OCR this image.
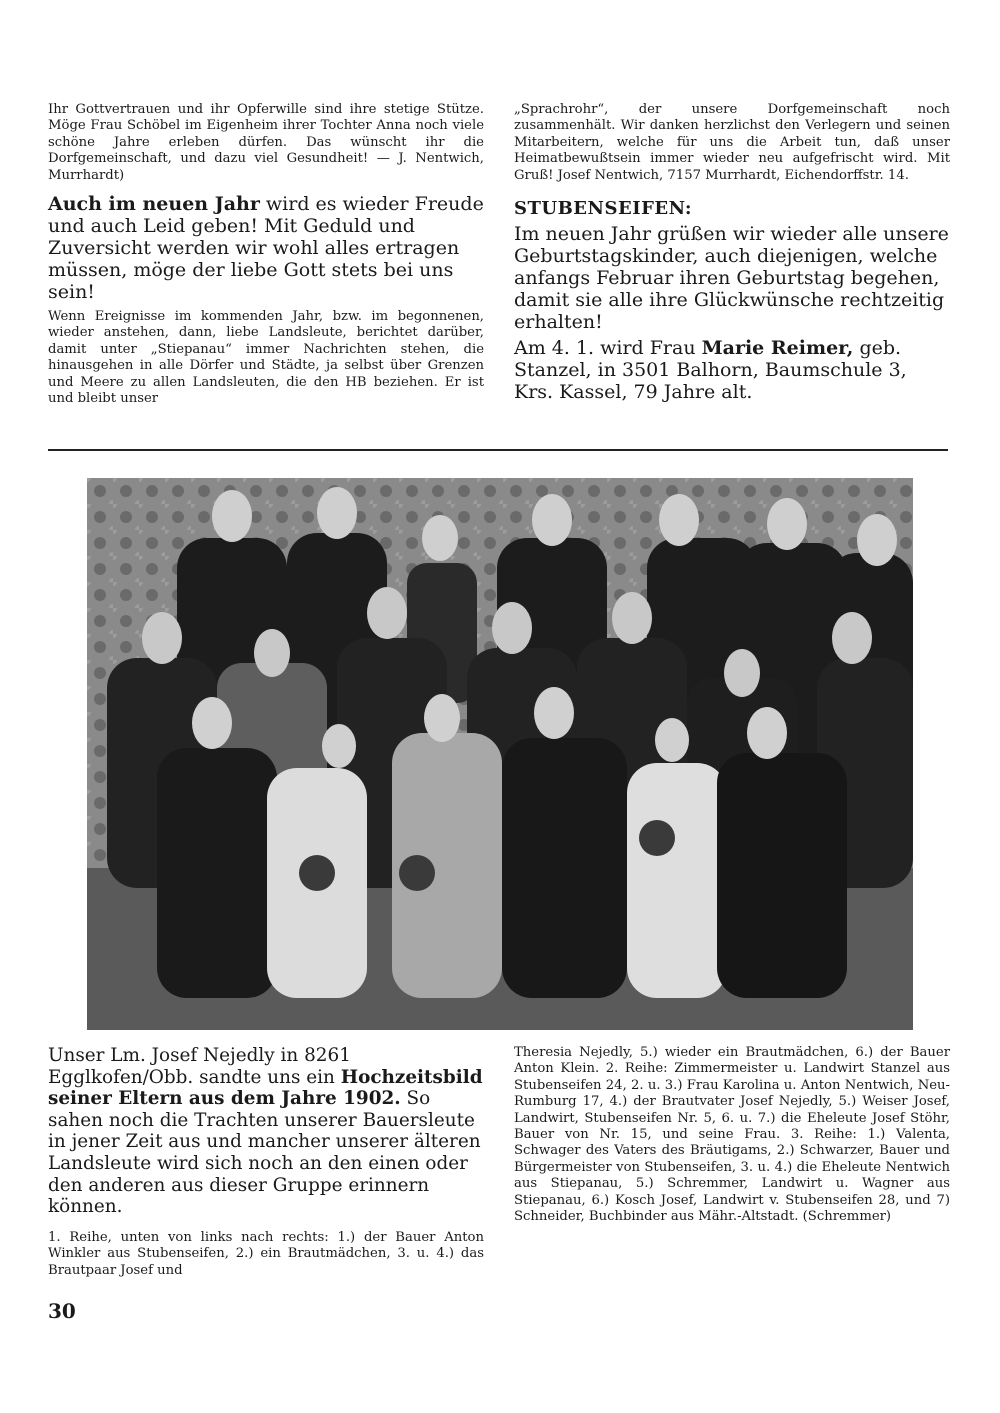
Ihr Gottvertrauen und ihr Opferwille sind ihre stetige Stütze. Möge Frau Schöbel im Eigenheim ihrer Tochter Anna noch viele schöne Jahre erleben dürfen. Das wünscht ihr die Dorfgemeinschaft, und dazu viel Gesundheit! — J. Nentwich, Murrhardt)

Auch im neuen Jahr wird es wieder Freude und auch Leid geben! Mit Geduld und Zuversicht werden wir wohl alles ertragen müssen, möge der liebe Gott stets bei uns sein!

Wenn Ereignisse im kommenden Jahr, bzw. im begonnenen, wieder anstehen, dann, liebe Landsleute, berichtet darüber, damit unter „Stiepanau“ immer Nachrichten stehen, die hinausgehen in alle Dörfer und Städte, ja selbst über Grenzen und Meere zu allen Landsleuten, die den HB beziehen. Er ist und bleibt unser

„Sprachrohr“, der unsere Dorfgemeinschaft noch zusammenhält. Wir danken herzlichst den Verlegern und seinen Mitarbeitern, welche für uns die Arbeit tun, daß unser Heimatbewußtsein immer wieder neu aufgefrischt wird. Mit Gruß! Josef Nentwich, 7157 Murrhardt, Eichendorffstr. 14.

STUBENSEIFEN:

Im neuen Jahr grüßen wir wieder alle unsere Geburtstagskinder, auch diejenigen, welche anfangs Februar ihren Geburtstag begehen, damit sie alle ihre Glückwünsche rechtzeitig erhalten!

Am 4. 1. wird Frau Marie Reimer, geb. Stanzel, in 3501 Balhorn, Baumschule 3, Krs. Kassel, 79 Jahre alt.

Unser Lm. Josef Nejedly in 8261 Egglkofen/Obb. sandte uns ein Hochzeitsbild seiner Eltern aus dem Jahre 1902. So sahen noch die Trachten unserer Bauersleute in jener Zeit aus und mancher unserer älteren Landsleute wird sich noch an den einen oder den anderen aus dieser Gruppe erinnern können.

1. Reihe, unten von links nach rechts: 1.) der Bauer Anton Winkler aus Stubenseifen, 2.) ein Brautmädchen, 3. u. 4.) das Brautpaar Josef und

Theresia Nejedly, 5.) wieder ein Brautmädchen, 6.) der Bauer Anton Klein. 2. Reihe: Zimmermeister u. Landwirt Stanzel aus Stubenseifen 24, 2. u. 3.) Frau Karolina u. Anton Nentwich, Neu-Rumburg 17, 4.) der Brautvater Josef Nejedly, 5.) Weiser Josef, Landwirt, Stubenseifen Nr. 5, 6. u. 7.) die Eheleute Josef Stöhr, Bauer von Nr. 15, und seine Frau. 3. Reihe: 1.) Valenta, Schwager des Vaters des Bräutigams, 2.) Schwarzer, Bauer und Bürgermeister von Stubenseifen, 3. u. 4.) die Eheleute Nentwich aus Stiepanau, 5.) Schremmer, Landwirt u. Wagner aus Stiepanau, 6.) Kosch Josef, Landwirt v. Stubenseifen 28, und 7) Schneider, Buchbinder aus Mähr.-Altstadt. (Schremmer)

30
